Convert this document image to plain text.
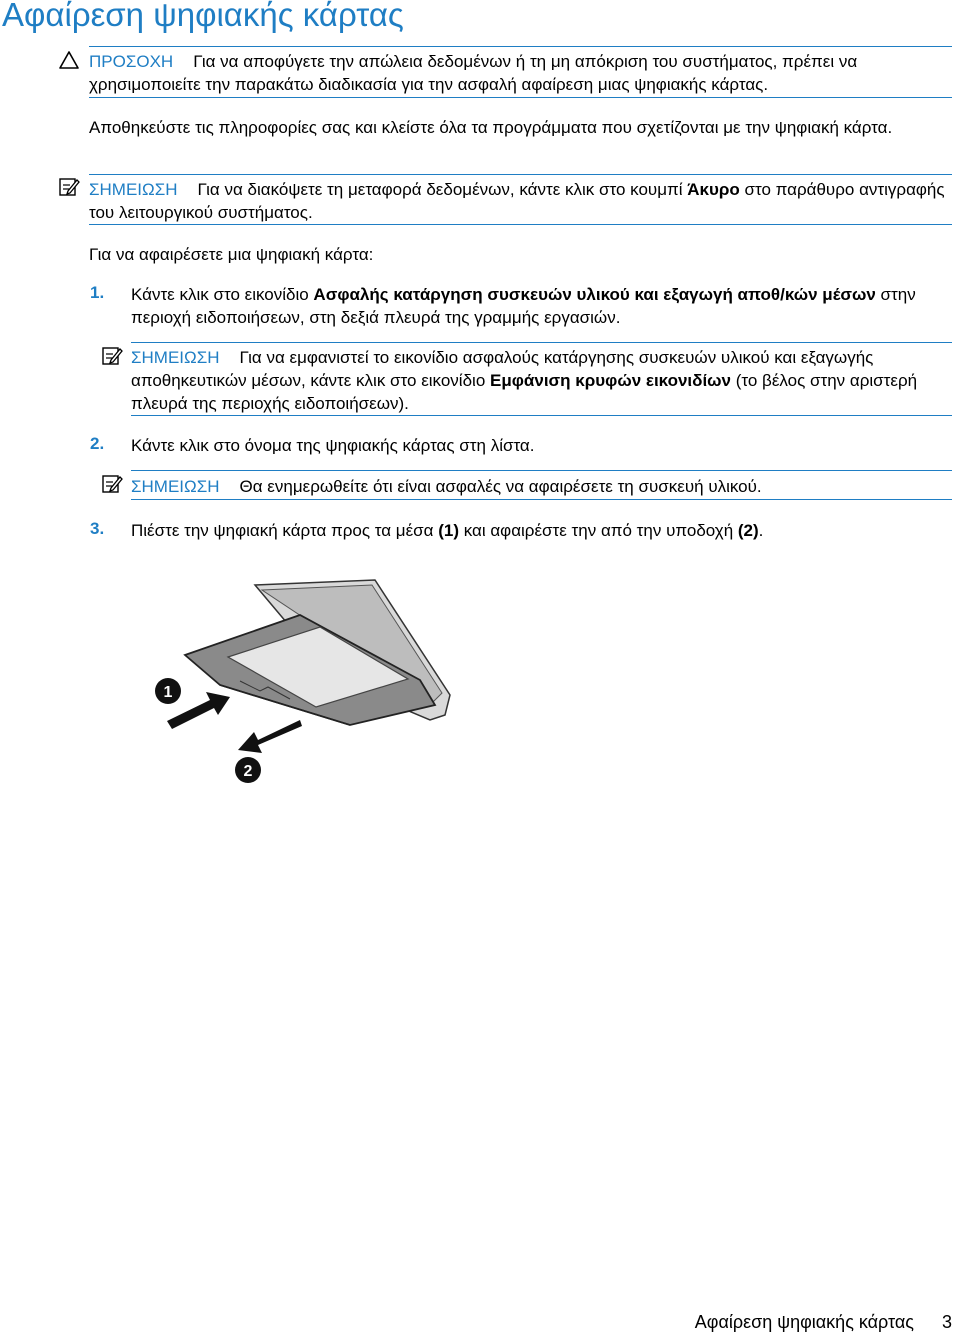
Αφαίρεση ψηφιακής κάρτας

ΠΡΟΣΟΧΗ Για να αποφύγετε την απώλεια δεδομένων ή τη μη απόκριση του συστήματος, πρέπει να χρησιμοποιείτε την παρακάτω διαδικασία για την ασφαλή αφαίρεση μιας ψηφιακής κάρτας.

Αποθηκεύστε τις πληροφορίες σας και κλείστε όλα τα προγράμματα που σχετίζονται με την ψηφιακή κάρτα.

ΣΗΜΕΙΩΣΗ Για να διακόψετε τη μεταφορά δεδομένων, κάντε κλικ στο κουμπί Άκυρο στο παράθυρο αντιγραφής του λειτουργικού συστήματος.

Για να αφαιρέσετε μια ψηφιακή κάρτα:

1. Κάντε κλικ στο εικονίδιο Ασφαλής κατάργηση συσκευών υλικού και εξαγωγή αποθ/κών μέσων στην περιοχή ειδοποιήσεων, στη δεξιά πλευρά της γραμμής εργασιών.

ΣΗΜΕΙΩΣΗ Για να εμφανιστεί το εικονίδιο ασφαλούς κατάργησης συσκευών υλικού και εξαγωγής αποθηκευτικών μέσων, κάντε κλικ στο εικονίδιο Εμφάνιση κρυφών εικονιδίων (το βέλος στην αριστερή πλευρά της περιοχής ειδοποιήσεων).

2. Κάντε κλικ στο όνομα της ψηφιακής κάρτας στη λίστα.

ΣΗΜΕΙΩΣΗ Θα ενημερωθείτε ότι είναι ασφαλές να αφαιρέσετε τη συσκευή υλικού.

3. Πιέστε την ψηφιακή κάρτα προς τα μέσα (1) και αφαιρέστε την από την υποδοχή (2).

1
2
Αφαίρεση ψηφιακής κάρτας 3
